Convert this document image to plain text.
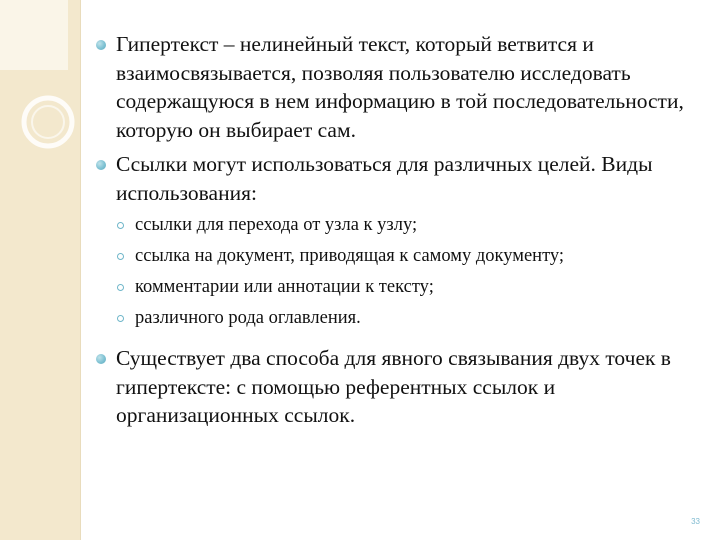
Гипертекст – нелинейный текст, который ветвится и взаимосвязывается, позволяя пользователю исследовать содержащуюся в нем информацию в той последовательности, которую он выбирает сам.

Ссылки могут использоваться для различных целей. Виды использования:

ссылки для перехода от узла к узлу;

ссылка на документ, приводящая к самому документу;

комментарии или аннотации к тексту;

различного рода оглавления.

Существует два способа для явного связывания двух точек в гипертексте: с помощью референтных ссылок и организационных ссылок.

33
